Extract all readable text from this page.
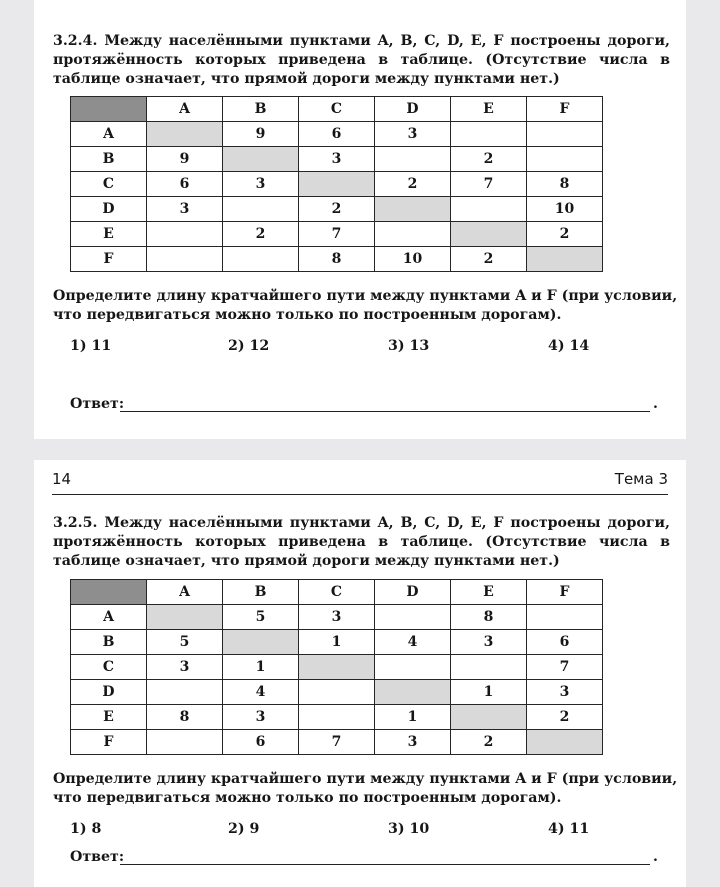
3.2.4. Между населёнными пунктами A, B, C, D, E, F построены дороги, протяжённость которых приведена в таблице. (Отсутствие числа в таблице означает, что прямой дороги между пунктами нет.)
	A	B	C	D	E	F
A		9	6	3		
B	9		3		2	
C	6	3		2	7	8
D	3		2			10
E		2	7			2
F			8	10	2	
Определите длину кратчайшего пути между пунктами A и F (при условии, что передвигаться можно только по построенным дорогам).
1) 11	2) 12	3) 13	4) 14
Ответ:	.
14	Тема 3
3.2.5. Между населёнными пунктами A, B, C, D, E, F построены дороги, протяжённость которых приведена в таблице. (Отсутствие числа в таблице означает, что прямой дороги между пунктами нет.)
	A	B	C	D	E	F
A		5	3		8	
B	5		1	4	3	6
C	3	1				7
D		4			1	3
E	8	3		1		2
F		6	7	3	2	
Определите длину кратчайшего пути между пунктами A и F (при условии, что передвигаться можно только по построенным дорогам).
1) 8	2) 9	3) 10	4) 11
Ответ:	.
